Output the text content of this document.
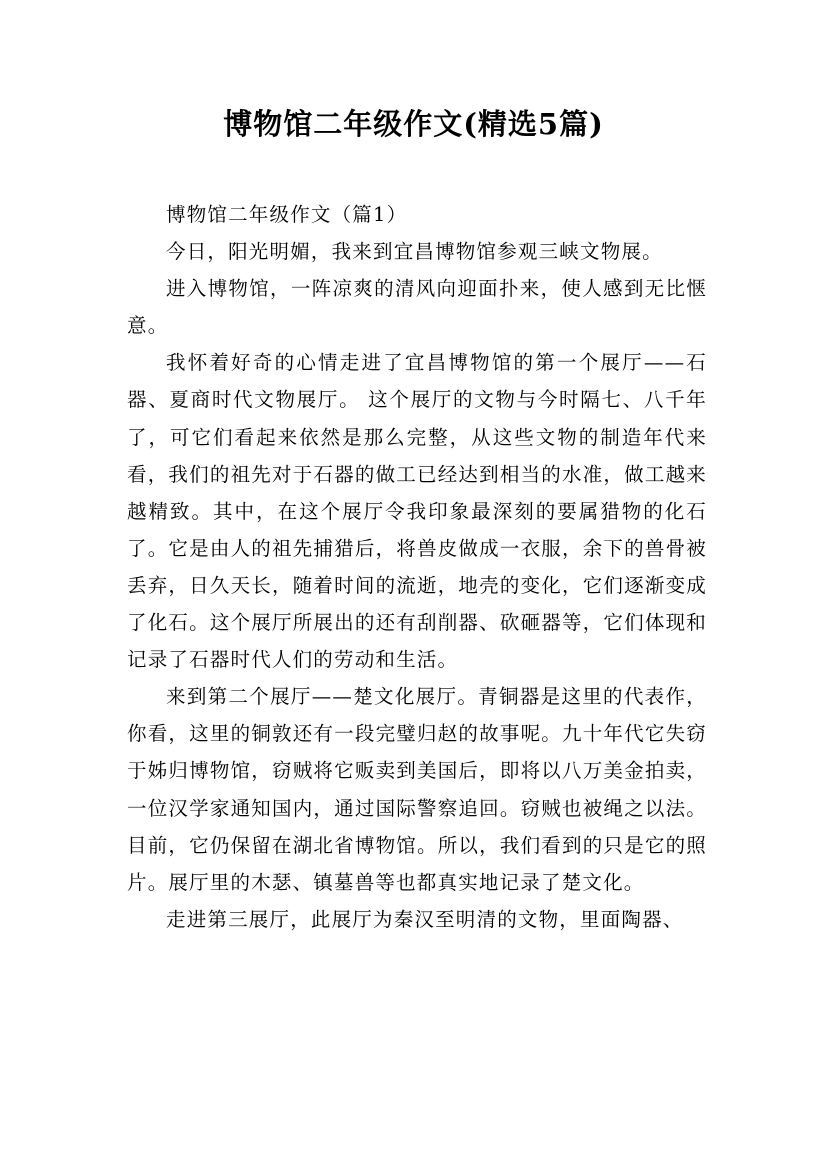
博物馆二年级作文(精选5篇)

博物馆二年级作文（篇1）

今日，阳光明媚，我来到宜昌博物馆参观三峡文物展。

进入博物馆，一阵凉爽的清风向迎面扑来，使人感到无比惬意。

我怀着好奇的心情走进了宜昌博物馆的第一个展厅——石器、夏商时代文物展厅。 这个展厅的文物与今时隔七、八千年了，可它们看起来依然是那么完整，从这些文物的制造年代来看，我们的祖先对于石器的做工已经达到相当的水准，做工越来越精致。其中，在这个展厅令我印象最深刻的要属猎物的化石了。它是由人的祖先捕猎后，将兽皮做成一衣服，余下的兽骨被丢弃，日久天长，随着时间的流逝，地壳的变化，它们逐渐变成了化石。这个展厅所展出的还有刮削器、砍砸器等，它们体现和记录了石器时代人们的劳动和生活。

来到第二个展厅——楚文化展厅。青铜器是这里的代表作，你看，这里的铜敦还有一段完璧归赵的故事呢。九十年代它失窃于姊归博物馆，窃贼将它贩卖到美国后，即将以八万美金拍卖，一位汉学家通知国内，通过国际警察追回。窃贼也被绳之以法。目前，它仍保留在湖北省博物馆。所以，我们看到的只是它的照片。展厅里的木瑟、镇墓兽等也都真实地记录了楚文化。

走进第三展厅，此展厅为秦汉至明清的文物，里面陶器、
